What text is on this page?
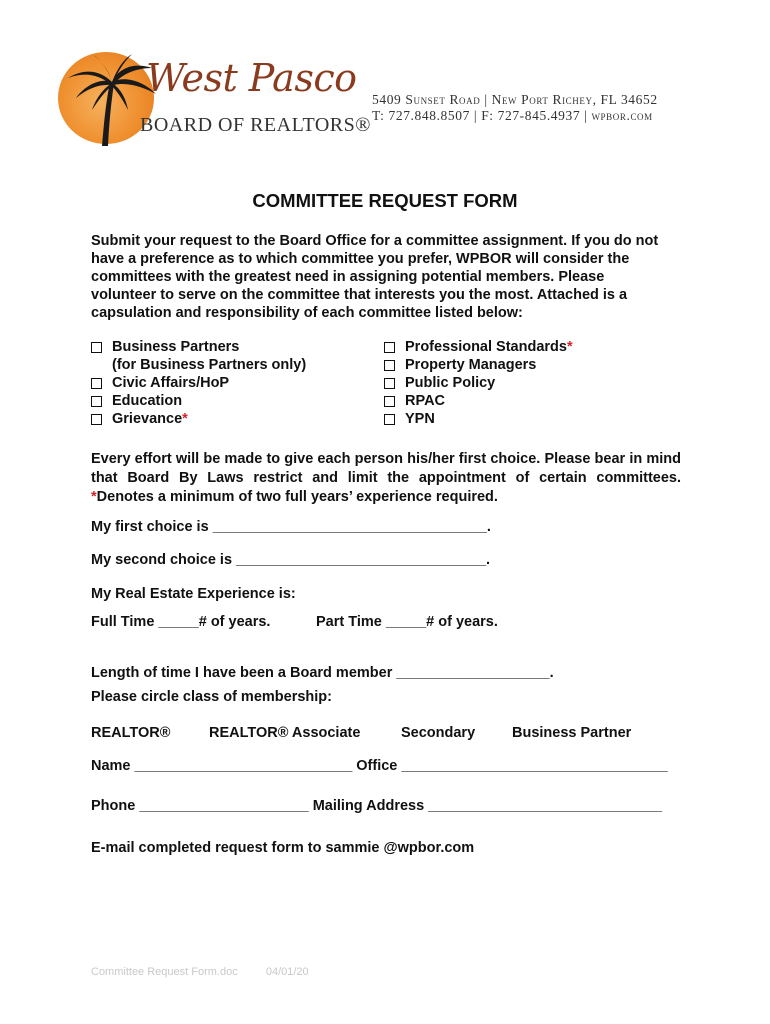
West Pasco
BOARD OF REALTORS®
5409 Sunset Road | New Port Richey, FL 34652
T: 727.848.8507 | F: 727-845.4937 | wpbor.com
COMMITTEE REQUEST FORM
Submit your request to the Board Office for a committee assignment. If you do not have a preference as to which committee you prefer, WPBOR will consider the committees with the greatest need in assigning potential members. Please volunteer to serve on the committee that interests you the most. Attached is a capsulation and responsibility of each committee listed below:
Business Partners
(for Business Partners only)
Civic Affairs/HoP
Education
Grievance *
Professional Standards *
Property Managers
Public Policy
RPAC
YPN
Every effort will be made to give each person his/her first choice. Please bear in mind that Board By Laws restrict and limit the appointment of certain committees. *Denotes a minimum of two full years’ experience required.
My first choice is __________________________________.
My second choice is _______________________________.
My Real Estate Experience is:
Full Time _____# of years.	Part Time _____# of years.
Length of time I have been a Board member ___________________.
Please circle class of membership:
REALTOR®	REALTOR® Associate	Secondary	Business Partner
Name ___________________________ Office _________________________________
Phone _____________________ Mailing Address _____________________________
E-mail completed request form to sammie @wpbor.com
Committee Request Form.doc	04/01/20
